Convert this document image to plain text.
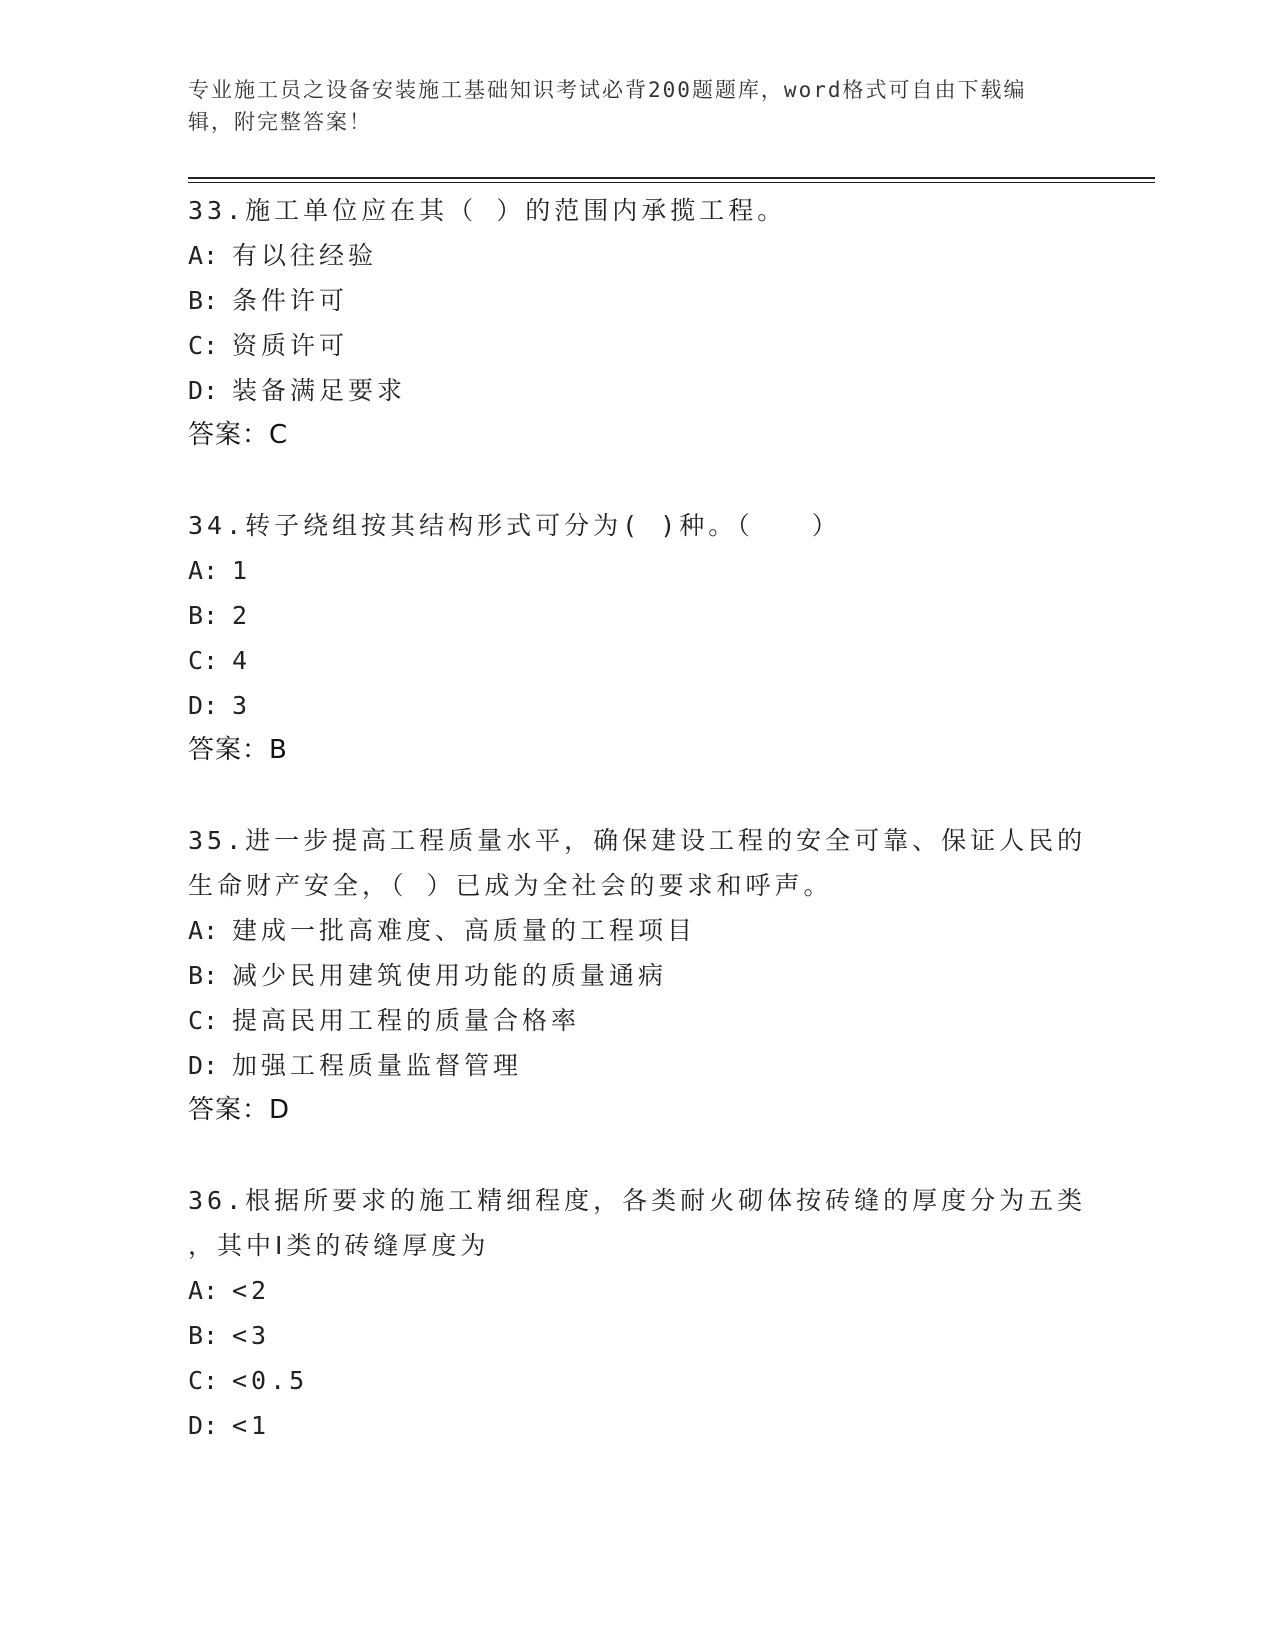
专业施工员之设备安装施工基础知识考试必背200题题库，word格式可自由下载编辑，附完整答案！
33.施工单位应在其（ ）的范围内承揽工程。
A: 有以往经验
B: 条件许可
C: 资质许可
D: 装备满足要求
答案：C
34.转子绕组按其结构形式可分为( )种。（　　）
A: 1
B: 2
C: 4
D: 3
答案：B
35.进一步提高工程质量水平，确保建设工程的安全可靠、保证人民的生命财产安全，（ ）已成为全社会的要求和呼声。
A: 建成一批高难度、高质量的工程项目
B: 减少民用建筑使用功能的质量通病
C: 提高民用工程的质量合格率
D: 加强工程质量监督管理
答案：D
36.根据所要求的施工精细程度，各类耐火砌体按砖缝的厚度分为五类
，其中Ⅰ类的砖缝厚度为
A: <2
B: <3
C: <0.5
D: <1
